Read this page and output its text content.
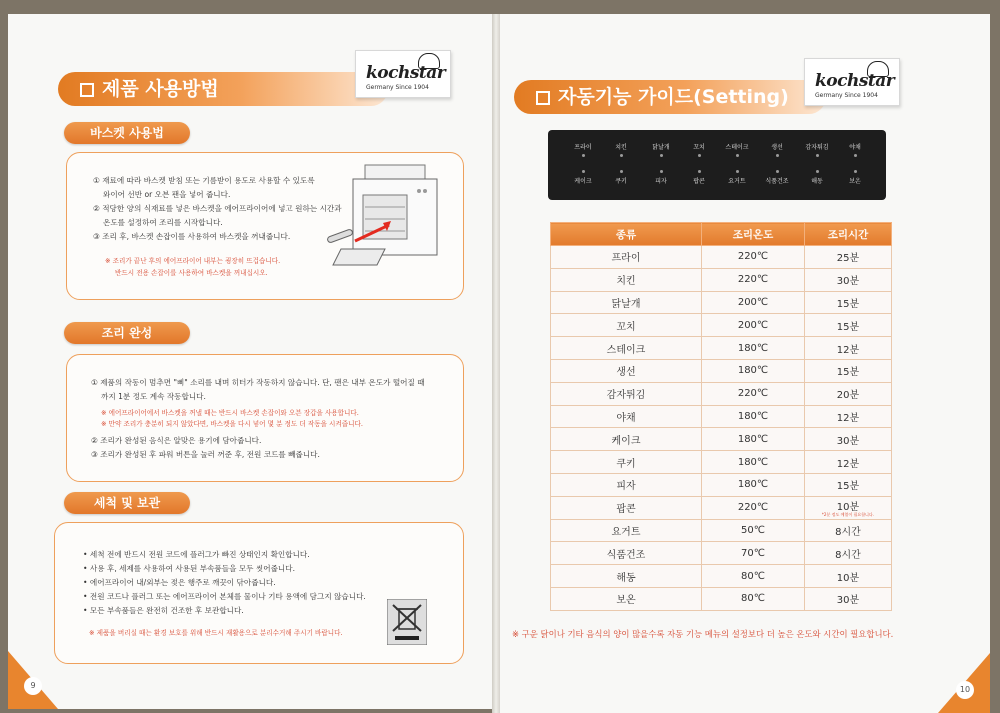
제품 사용방법
kochstar
Germany Since 1904
바스켓 사용법
① 재료에 따라 바스켓 받침 또는 기름받이 용도로 사용할 수 있도록
와이어 선반 or 오븐 팬을 넣어 줍니다.
② 적당한 양의 식재료를 넣은 바스켓을 에어프라이어에 넣고 원하는 시간과
온도를 설정하여 조리를 시작합니다.
③ 조리 후, 바스켓 손잡이를 사용하여 바스켓을 꺼내줍니다.
※ 조리가 끝난 후의 에어프라이어 내부는 굉장히 뜨겁습니다.
반드시 전용 손잡이를 사용하여 바스켓을 꺼내십시오.
조리 완성
① 제품의 작동이 멈추면 "삐" 소리를 내며 히터가 작동하지 않습니다. 단, 팬은 내부 온도가 떨어질 때
까지 1분 정도 계속 작동합니다.
※ 에어프라이어에서 바스켓을 꺼낼 때는 반드시 바스켓 손잡이와 오븐 장갑을 사용합니다.
※ 만약 조리가 충분히 되지 않았다면, 바스켓을 다시 넣어 몇 분 정도 더 작동을 시켜줍니다.
② 조리가 완성된 음식은 알맞은 용기에 담아줍니다.
③ 조리가 완성된 후 파워 버튼을 눌러 꺼준 후, 전원 코드를 빼줍니다.
세척 및 보관
• 세척 전에 반드시 전원 코드에 플러그가 빠진 상태인지 확인합니다.
• 사용 후, 세제를 사용하여 사용된 부속품들을 모두 씻어줍니다.
• 에어프라이어 내/외부는 젖은 행주로 깨끗이 닦아줍니다.
• 전원 코드나 플러그 또는 에어프라이어 본체를 물이나 기타 용액에 담그지 않습니다.
• 모든 부속품들은 완전히 건조한 후 보관합니다.
※ 제품을 버리실 때는 환경 보호를 위해 반드시 재활용으로 분리수거해 주시기 바랍니다.
9
자동기능 가이드(Setting)
kochstar
Germany Since 1904
프라이	치킨	닭날개	꼬치	스테이크	생선	감자튀김	야채
케이크	쿠키	피자	팝콘	요거트	식품건조	해동	보온
종류	조리온도	조리시간
프라이	220℃	25분
치킨	220℃	30분
닭날개	200℃	15분
꼬치	200℃	15분
스테이크	180℃	12분
생선	180℃	15분
감자튀김	220℃	20분
야채	180℃	12분
케이크	180℃	30분
쿠키	180℃	12분
피자	180℃	15분
팝콘	220℃	10분
*2분 정도 예열이 필요합니다.

요거트	50℃	8시간
식품건조	70℃	8시간
해동	80℃	10분
보온	80℃	30분
※ 구운 닭이나 기타 음식의 양이 많을수록 자동 기능 메뉴의 설정보다 더 높은 온도와 시간이 필요합니다.
10
